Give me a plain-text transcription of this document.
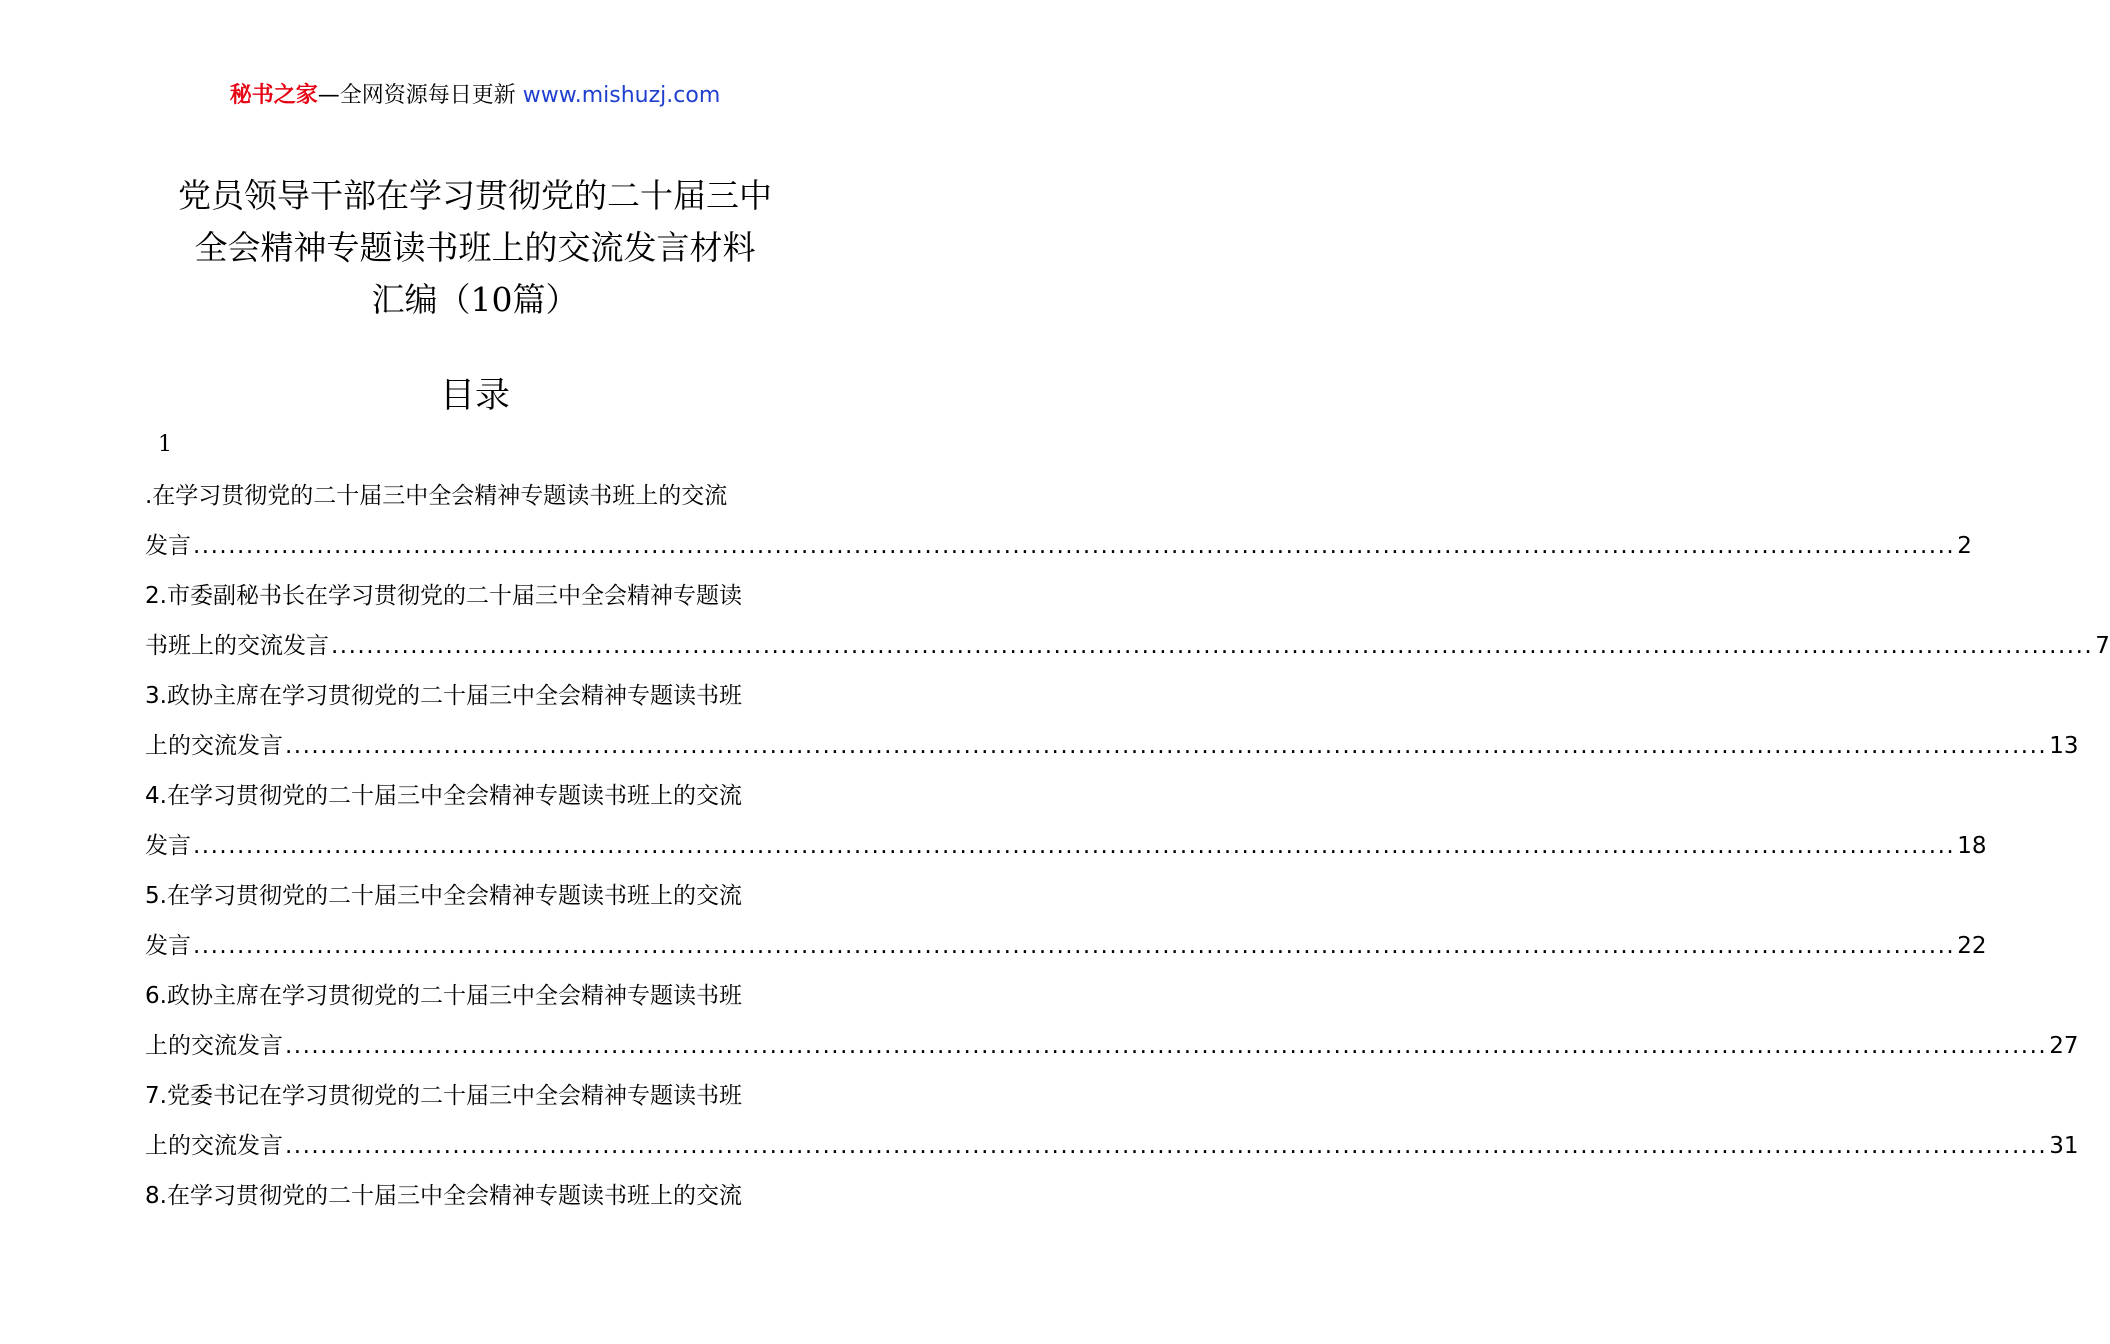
秘书之家—全网资源每日更新 www.mishuzj.com
党员领导干部在学习贯彻党的二十届三中
全会精神专题读书班上的交流发言材料
汇编（10篇）
目录
1
.在学习贯彻党的二十届三中全会精神专题读书班上的交流
发言 ........................................................................................................................................................................................................ 2
2.市委副秘书长在学习贯彻党的二十届三中全会精神专题读
书班上的交流发言 ........................................................................................................................................................................................................ 7
3.政协主席在学习贯彻党的二十届三中全会精神专题读书班
上的交流发言 ........................................................................................................................................................................................................ 13
4.在学习贯彻党的二十届三中全会精神专题读书班上的交流
发言 ........................................................................................................................................................................................................ 18
5.在学习贯彻党的二十届三中全会精神专题读书班上的交流
发言 ........................................................................................................................................................................................................ 22
6.政协主席在学习贯彻党的二十届三中全会精神专题读书班
上的交流发言 ........................................................................................................................................................................................................ 27
7.党委书记在学习贯彻党的二十届三中全会精神专题读书班
上的交流发言 ........................................................................................................................................................................................................ 31
8.在学习贯彻党的二十届三中全会精神专题读书班上的交流
